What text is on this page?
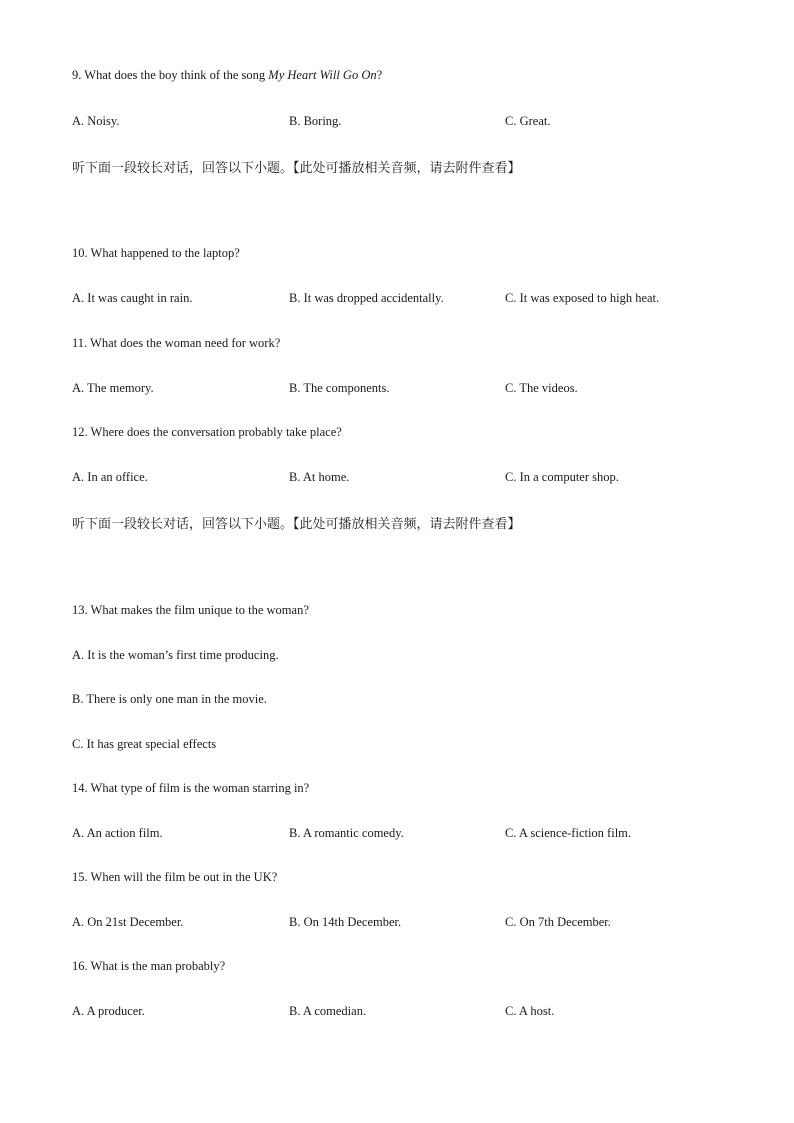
9. What does the boy think of the song My Heart Will Go On?
A. Noisy.	B. Boring.	C. Great.
听下面一段较长对话，回答以下小题。【此处可播放相关音频，请去附件查看】
10. What happened to the laptop?
A. It was caught in rain.	B. It was dropped accidentally.	C. It was exposed to high heat.
11. What does the woman need for work?
A. The memory.	B. The components.	C. The videos.
12. Where does the conversation probably take place?
A. In an office.	B. At home.	C. In a computer shop.
听下面一段较长对话，回答以下小题。【此处可播放相关音频，请去附件查看】
13. What makes the film unique to the woman?
A. It is the woman’s first time producing.
B. There is only one man in the movie.
C. It has great special effects
14. What type of film is the woman starring in?
A. An action film.	B. A romantic comedy.	C. A science-fiction film.
15. When will the film be out in the UK?
A. On 21st December.	B. On 14th December.	C. On 7th December.
16. What is the man probably?
A. A producer.	B. A comedian.	C. A host.
